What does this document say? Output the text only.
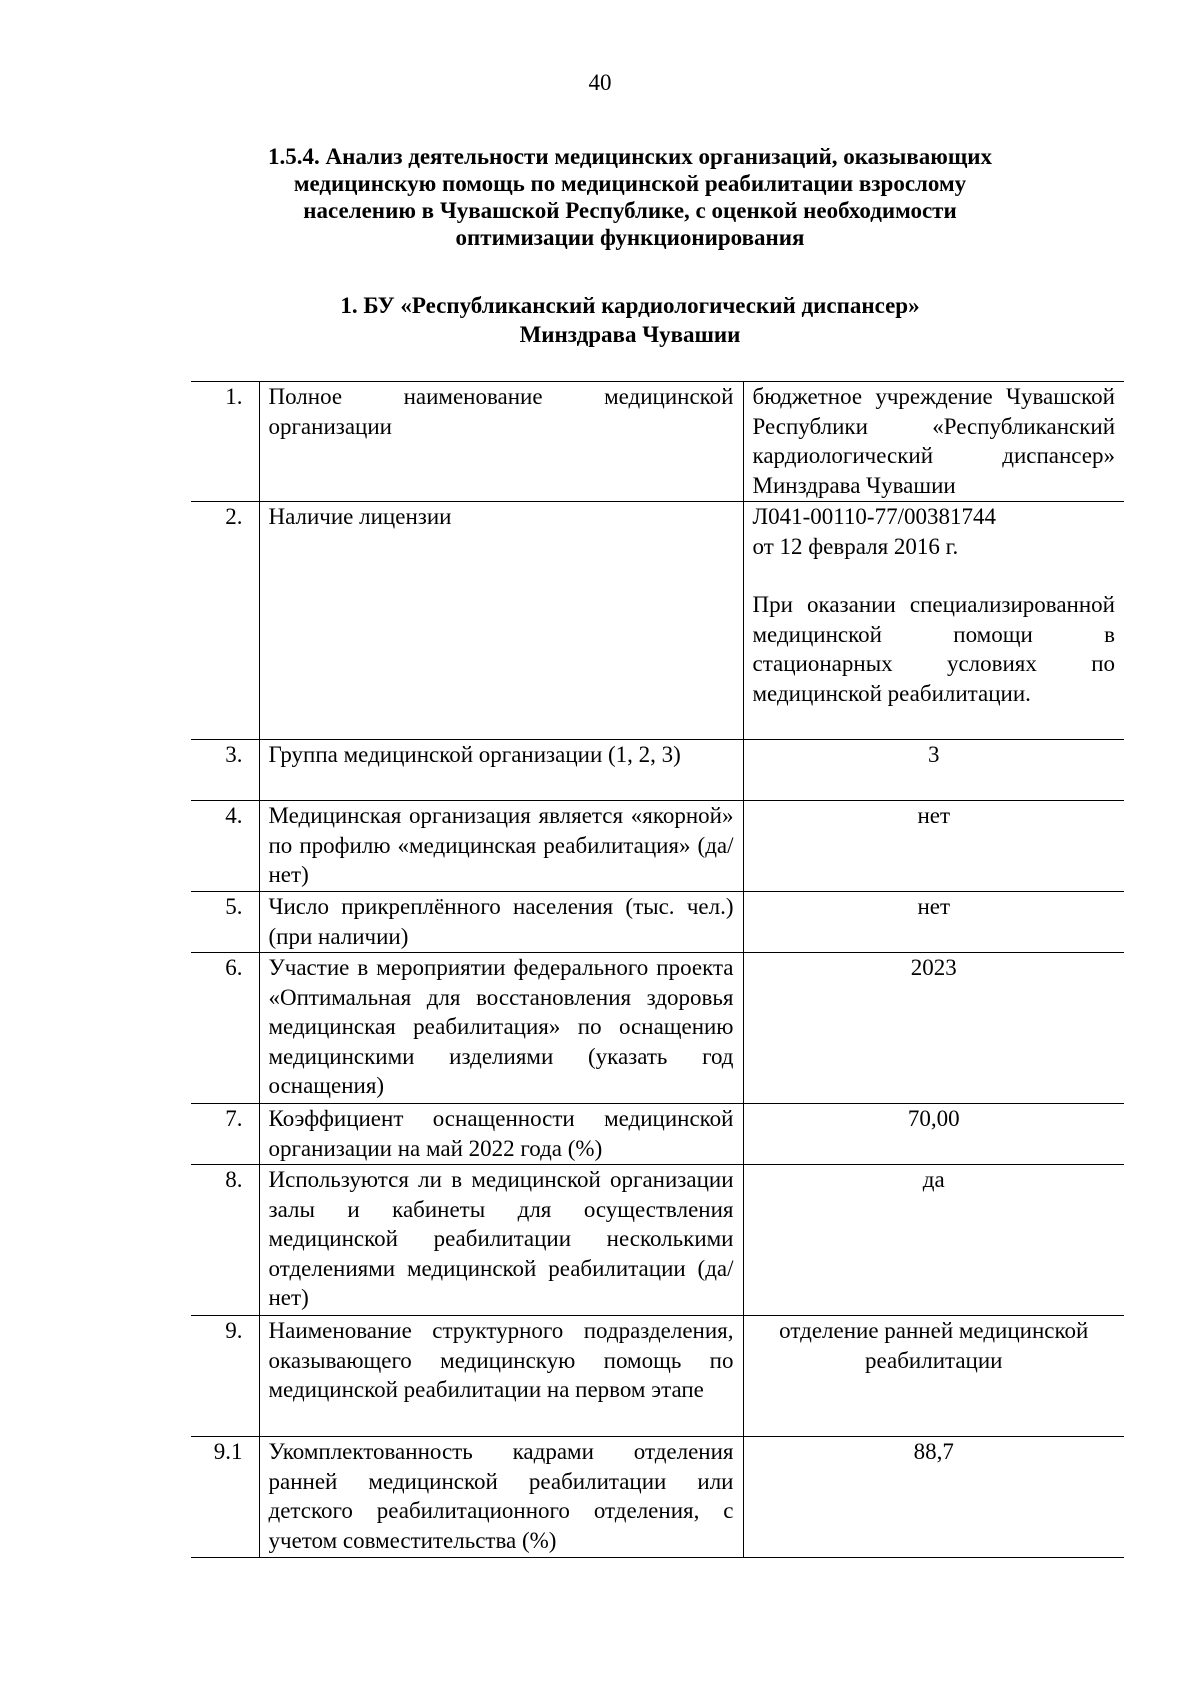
40
1.5.4. Анализ деятельности медицинских организаций, оказывающих
медицинскую помощь по медицинской реабилитации взрослому
населению в Чувашской Республике, с оценкой необходимости
оптимизации функционирования
1. БУ «Республиканский кардиологический диспансер»
Минздрава Чувашии
1.	Полное наименование медицинской организации	бюджетное учреждение Чувашской Республики «Республиканский кардиологический диспансер» Минздрава Чувашии
2.	Наличие лицензии	Л041-00110-77/00381744
от 12 февраля 2016 г.
При оказании специализированной медицинской помощи в стационарных условиях по медицинской реабилитации.

3.	Группа медицинской организации (1, 2, 3)	3
4.	Медицинская организация является «якорной» по профилю «медицинская реабилитация» (да/нет)	нет
5.	Число прикреплённого населения (тыс. чел.) (при наличии)	нет
6.	Участие в мероприятии федерального проекта «Оптимальная для восстановления здоровья медицинская реабилитация» по оснащению медицинскими изделиями (указать год оснащения)	2023
7.	Коэффициент оснащенности медицинской организации на май 2022 года (%)	70,00
8.	Используются ли в медицинской организации залы и кабинеты для осуществления медицинской реабилитации несколькими отделениями медицинской реабилитации (да/нет)	да
9.	Наименование структурного подразделения, оказывающего медицинскую помощь по медицинской реабилитации на первом этапе	отделение ранней медицинской реабилитации
9.1	Укомплектованность кадрами отделения ранней медицинской реабилитации или детского реабилитационного отделения, с учетом совместительства (%)	88,7
